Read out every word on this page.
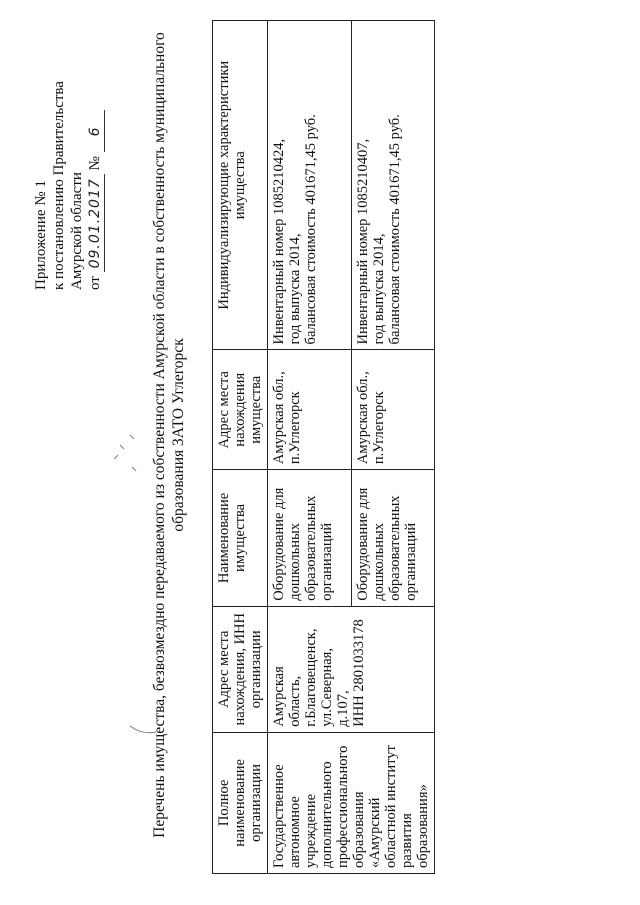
Приложение № 1 к постановлению Правительства Амурской области от 09.01.2017 № 6	Перечень имущества, безвозмездно передаваемого из собственности Амурской области в собственность муниципального образования ЗАТО Углегорск
Полное наименование организации	Адрес места нахождения, ИНН организации	Наименование имущества	Адрес места нахождения имущества	Индивидуализирующие характеристики имущества
Государственное автономное учреждение дополнительного профессионального образования «Амурский областной институт развития образования»	Амурская область, г.Благовещенск, ул.Северная, д.107, ИНН 2801033178	Оборудование для дошкольных образовательных организаций	Амурская обл., п.Углегорск	Инвентарный номер 1085210424, год выпуска 2014, балансовая стоимость 401671,45 руб.

		Оборудование для дошкольных образовательных организаций	Амурская обл., п.Углегорск	Инвентарный номер 1085210407, год выпуска 2014, балансовая стоимость 401671,45 руб.
